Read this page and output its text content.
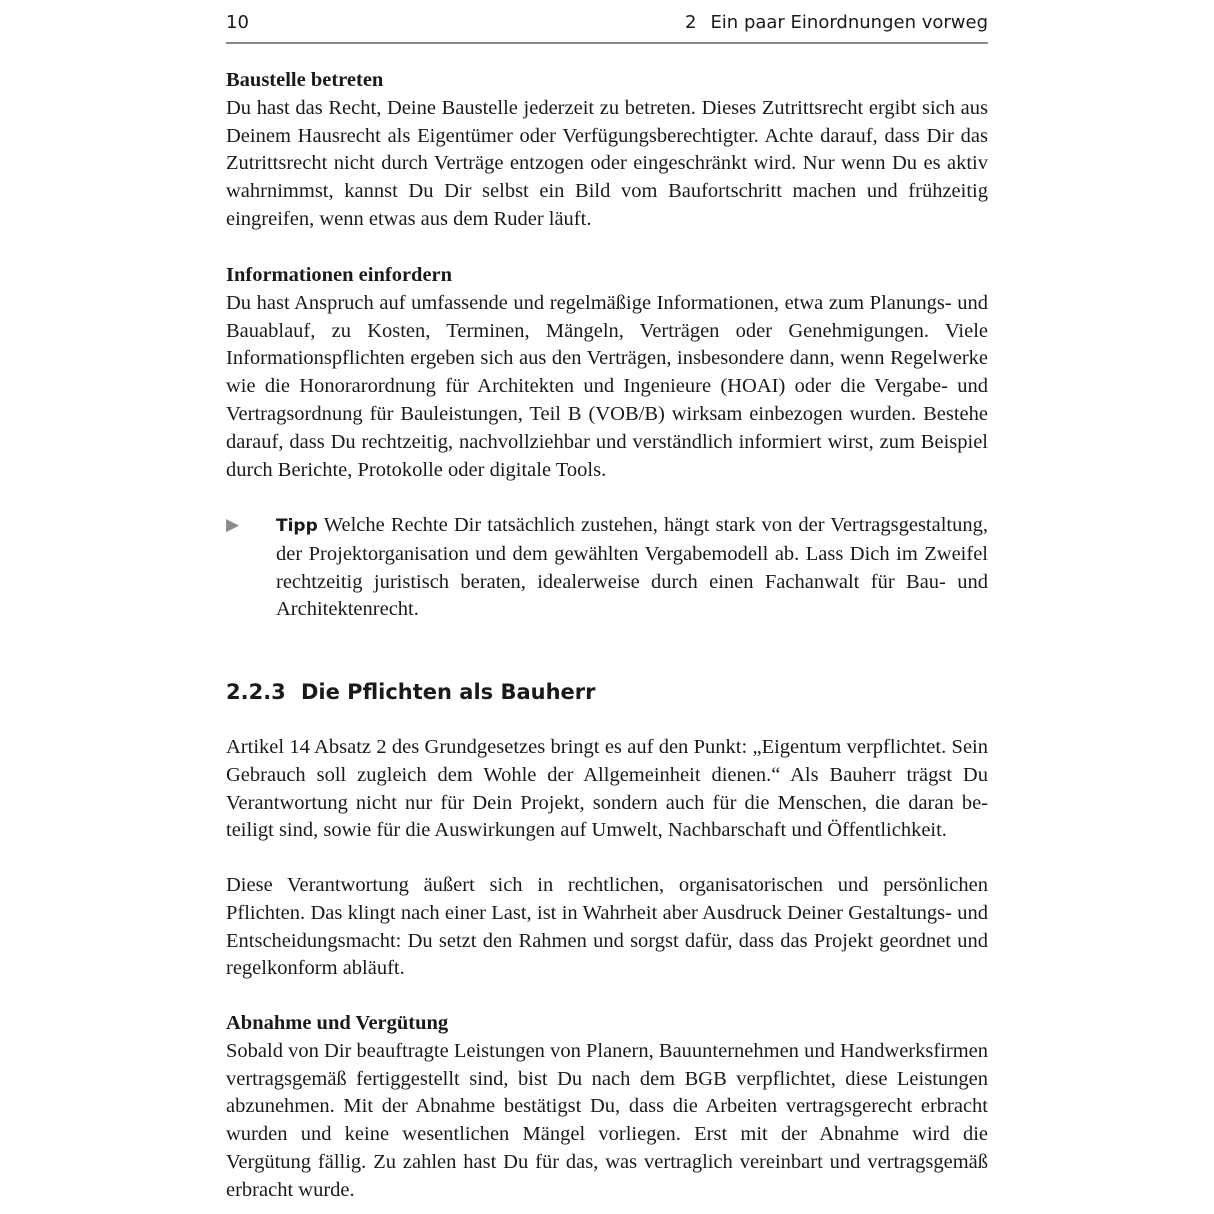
10	2 Ein paar Einordnungen vorweg

Baustelle betreten

Du hast das Recht, Deine Baustelle jederzeit zu betreten. Dieses Zutrittsrecht ergibt sich aus Deinem Hausrecht als Eigentümer oder Verfügungsberechtigter. Achte darauf, dass Dir das Zutrittsrecht nicht durch Verträge entzogen oder eingeschränkt wird. Nur wenn Du es aktiv wahrnimmst, kannst Du Dir selbst ein Bild vom Baufortschritt machen und frühzeitig eingreifen, wenn etwas aus dem Ruder läuft.

Informationen einfordern

Du hast Anspruch auf umfassende und regelmäßige Informationen, etwa zum Planungs- und Bauablauf, zu Kosten, Terminen, Mängeln, Verträgen oder Genehmigungen. Viele Informationspflichten ergeben sich aus den Verträgen, insbesondere dann, wenn Regelwerke wie die Honorarordnung für Architekten und Ingenieure (HOAI) oder die Vergabe- und Vertragsordnung für Bauleistungen, Teil B (VOB/B) wirksam einbezogen wurden. Bestehe darauf, dass Du rechtzeitig, nachvollziehbar und verständlich informiert wirst, zum Beispiel durch Berichte, Protokolle oder digitale Tools.

▶ Tipp Welche Rechte Dir tatsächlich zustehen, hängt stark von der Vertragsgestaltung, der Projektorganisation und dem gewählten Vergabemodell ab. Lass Dich im Zweifel rechtzeitig juristisch beraten, idealerweise durch einen Fachanwalt für Bau- und Architektenrecht.

2.2.3 Die Pflichten als Bauherr

Artikel 14 Absatz 2 des Grundgesetzes bringt es auf den Punkt: „Eigentum verpflichtet. Sein Gebrauch soll zugleich dem Wohle der Allgemeinheit dienen.“ Als Bauherr trägst Du Verantwortung nicht nur für Dein Projekt, sondern auch für die Menschen, die daran beteiligt sind, sowie für die Auswirkungen auf Umwelt, Nachbarschaft und Öffentlichkeit.

Diese Verantwortung äußert sich in rechtlichen, organisatorischen und persönlichen Pflichten. Das klingt nach einer Last, ist in Wahrheit aber Ausdruck Deiner Gestaltungs- und Entscheidungsmacht: Du setzt den Rahmen und sorgst dafür, dass das Projekt geordnet und regelkonform abläuft.

Abnahme und Vergütung

Sobald von Dir beauftragte Leistungen von Planern, Bauunternehmen und Handwerksfirmen vertragsgemäß fertiggestellt sind, bist Du nach dem BGB verpflichtet, diese Leistungen abzunehmen. Mit der Abnahme bestätigst Du, dass die Arbeiten vertragsgerecht erbracht wurden und keine wesentlichen Mängel vorliegen. Erst mit der Abnahme wird die Vergütung fällig. Zu zahlen hast Du für das, was vertraglich vereinbart und vertragsgemäß erbracht wurde.
